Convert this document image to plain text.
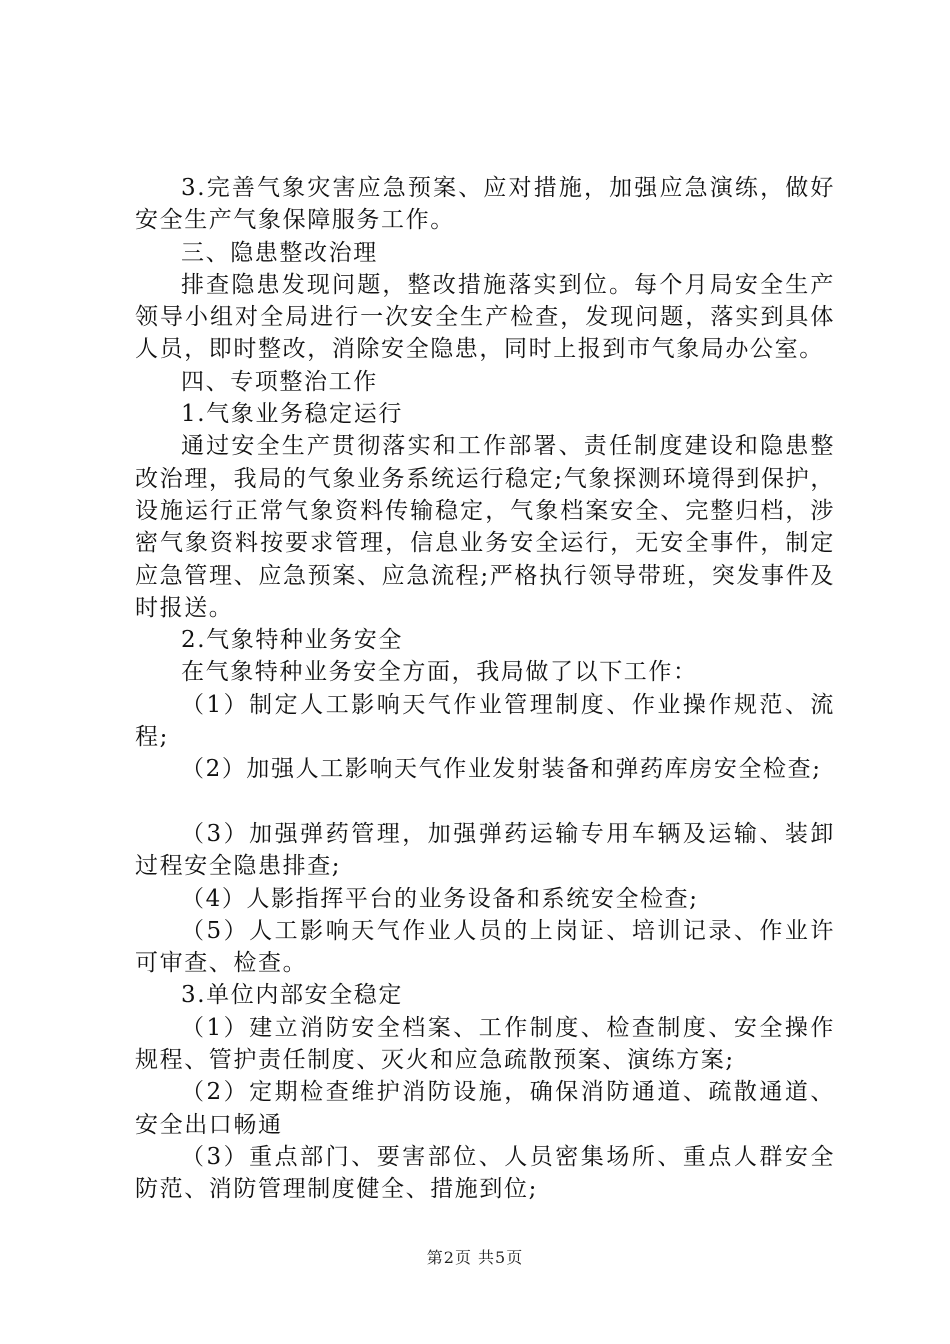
3.完善气象灾害应急预案、应对措施，加强应急演练，做好安全生产气象保障服务工作。

三、隐患整改治理

排查隐患发现问题，整改措施落实到位。每个月局安全生产领导小组对全局进行一次安全生产检查，发现问题，落实到具体人员，即时整改，消除安全隐患，同时上报到市气象局办公室。

四、专项整治工作

1.气象业务稳定运行

通过安全生产贯彻落实和工作部署、责任制度建设和隐患整改治理，我局的气象业务系统运行稳定;气象探测环境得到保护，设施运行正常气象资料传输稳定，气象档案安全、完整归档，涉密气象资料按要求管理，信息业务安全运行，无安全事件，制定应急管理、应急预案、应急流程;严格执行领导带班，突发事件及时报送。

2.气象特种业务安全

在气象特种业务安全方面，我局做了以下工作：

（1）制定人工影响天气作业管理制度、作业操作规范、流程;

（2）加强人工影响天气作业发射装备和弹药库房安全检查;

（3）加强弹药管理，加强弹药运输专用车辆及运输、装卸过程安全隐患排查;

（4）人影指挥平台的业务设备和系统安全检查;

（5）人工影响天气作业人员的上岗证、培训记录、作业许可审查、检查。

3.单位内部安全稳定

（1）建立消防安全档案、工作制度、检查制度、安全操作规程、管护责任制度、灭火和应急疏散预案、演练方案;

（2）定期检查维护消防设施，确保消防通道、疏散通道、安全出口畅通

（3）重点部门、要害部位、人员密集场所、重点人群安全防范、消防管理制度健全、措施到位;

第2页 共5页
